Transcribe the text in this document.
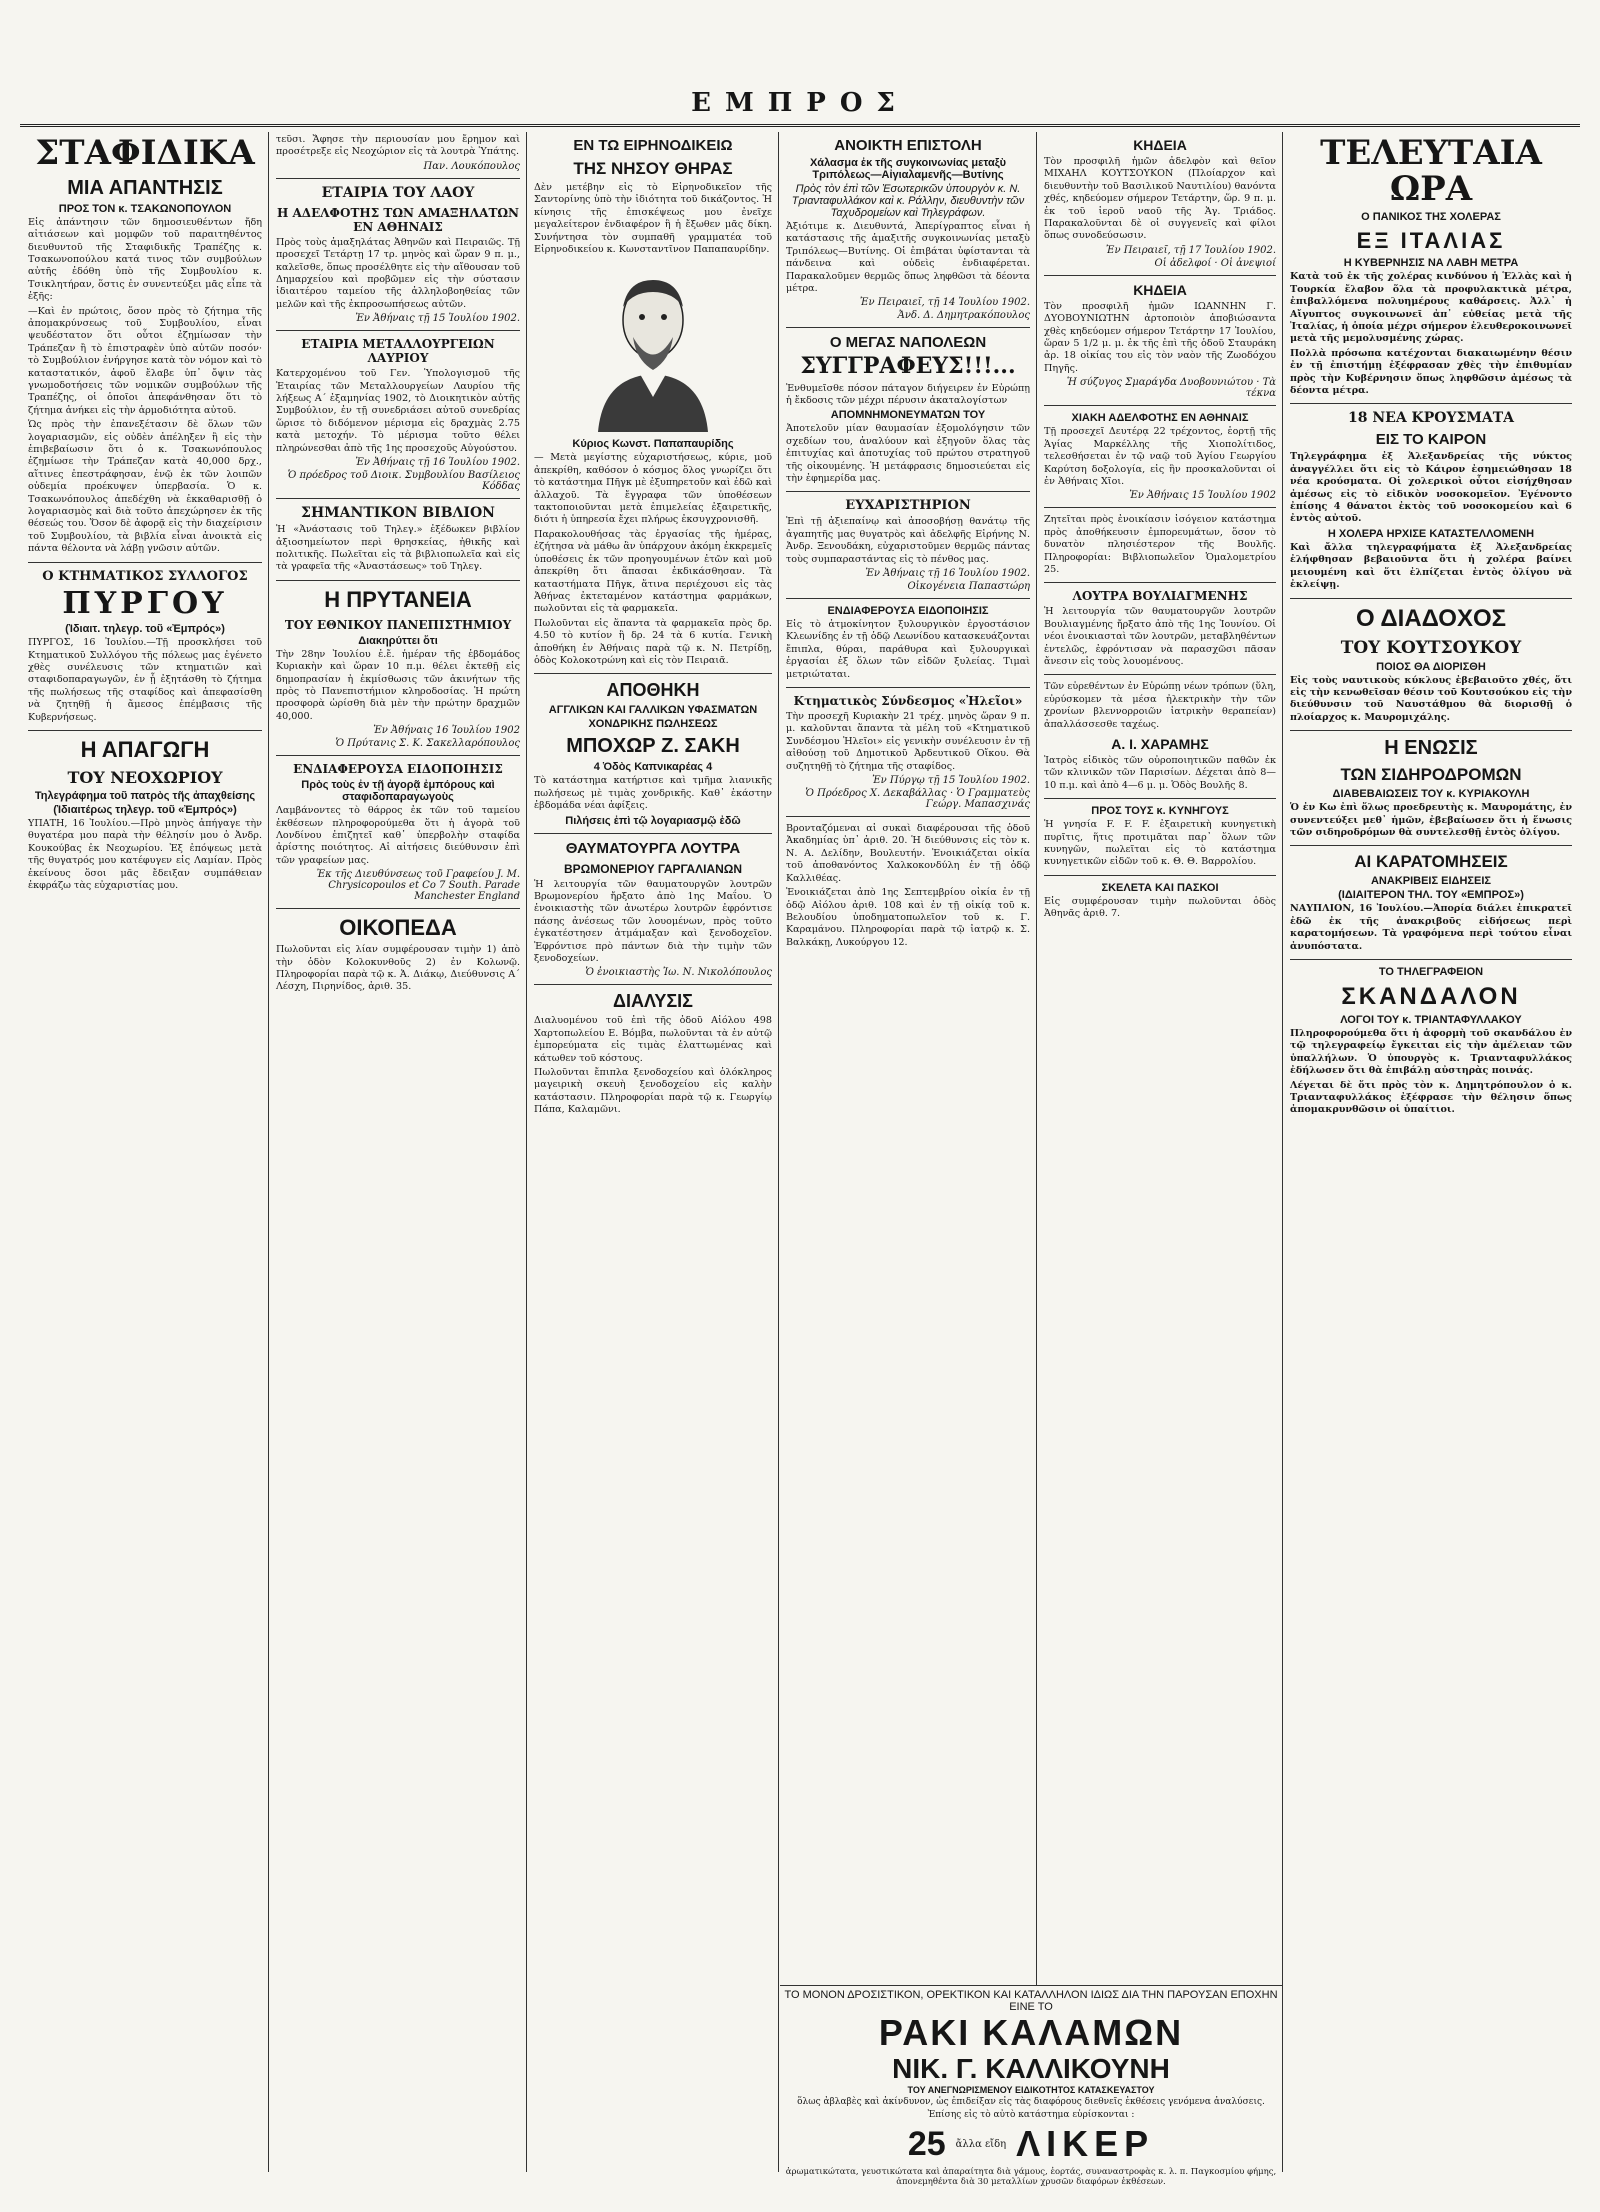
ΕΜΠΡΟΣ
ΣΤΑΦΙΔΙΚΑ
ΜΙΑ ΑΠΑΝΤΗΣΙΣ
ΠΡΟΣ ΤΟΝ κ. ΤΣΑΚΩΝΟΠΟΥΛΟΝ

Εἰς ἀπάντησιν τῶν δημοσιευθέντων ἤδη αἰτιάσεων καὶ μομφῶν τοῦ παραιτηθέντος διευθυντοῦ τῆς Σταφιδικῆς Τραπέζης κ. Τσακωνοπούλου κατά τινος τῶν συμβούλων αὐτῆς ἐδόθη ὑπὸ τῆς Συμβουλίου κ. Τσικλητήραν, ὅστις ἐν συνεντεύξει μᾶς εἶπε τὰ ἑξῆς:

—Καὶ ἐν πρώτοις, ὅσον πρὸς τὸ ζήτημα τῆς ἀπομακρύνσεως τοῦ Συμβουλίου, εἶναι ψευδέστατον ὅτι οὗτοι ἐζημίωσαν τὴν Τράπεζαν ἢ τὸ ἐπιστραφὲν ὑπὸ αὐτῶν ποσόν· τὸ Συμβούλιον ἐνήργησε κατὰ τὸν νόμον καὶ τὸ καταστατικόν, ἀφοῦ ἔλαβε ὑπ᾽ ὄψιν τὰς γνωμοδοτήσεις τῶν νομικῶν συμβούλων τῆς Τραπέζης, οἱ ὁποῖοι ἀπεφάνθησαν ὅτι τὸ ζήτημα ἀνήκει εἰς τὴν ἁρμοδιότητα αὐτοῦ.

Ὡς πρὸς τὴν ἐπανεξέτασιν δὲ ὅλων τῶν λογαριασμῶν, εἰς οὐδὲν ἀπέληξεν ἢ εἰς τὴν ἐπιβεβαίωσιν ὅτι ὁ κ. Τσακωνόπουλος ἐζημίωσε τὴν Τράπεζαν κατὰ 40,000 δρχ., αἵτινες ἐπεστράφησαν, ἐνῷ ἐκ τῶν λοιπῶν οὐδεμία προέκυψεν ὑπερβασία. Ὁ κ. Τσακωνόπουλος ἀπεδέχθη νὰ ἐκκαθαρισθῇ ὁ λογαριασμὸς καὶ διὰ τοῦτο ἀπεχώρησεν ἐκ τῆς θέσεώς του. Ὅσον δὲ ἀφορᾷ εἰς τὴν διαχείρισιν τοῦ Συμβουλίου, τὰ βιβλία εἶναι ἀνοικτὰ εἰς πάντα θέλοντα νὰ λάβῃ γνῶσιν αὐτῶν.

Ο ΚΤΗΜΑΤΙΚΟΣ ΣΥΛΛΟΓΟΣ
ΠΥΡΓΟΥ
(Ἰδιαιτ. τηλεγρ. τοῦ «Ἐμπρός»)

ΠΥΡΓΟΣ, 16 Ἰουλίου.—Τῇ προσκλήσει τοῦ Κτηματικοῦ Συλλόγου τῆς πόλεως μας ἐγένετο χθὲς συνέλευσις τῶν κτηματιῶν καὶ σταφιδοπαραγωγῶν, ἐν ᾗ ἐξητάσθη τὸ ζήτημα τῆς πωλήσεως τῆς σταφίδος καὶ ἀπεφασίσθη νὰ ζητηθῇ ἡ ἄμεσος ἐπέμβασις τῆς Κυβερνήσεως.

Η ΑΠΑΓΩΓΗ
ΤΟΥ ΝΕΟΧΩΡΙΟΥ
Τηλεγράφημα τοῦ πατρὸς τῆς ἀπαχθείσης
(Ἰδιαιτέρως τηλεγρ. τοῦ «Ἐμπρός»)

ΥΠΑΤΗ, 16 Ἰουλίου.—Πρὸ μηνὸς ἀπήγαγε τὴν θυγατέρα μου παρὰ τὴν θέλησίν μου ὁ Ἀνδρ. Κουκούβας ἐκ Νεοχωρίου. Ἐξ ἐπόψεως μετὰ τῆς θυγατρός μου κατέφυγεν εἰς Λαμίαν. Πρὸς ἐκείνους ὅσοι μᾶς ἔδειξαν συμπάθειαν ἐκφράζω τὰς εὐχαριστίας μου.

τεῦσι. Ἄφησε τὴν περιουσίαν μου ἔρημον καὶ προσέτρεξε εἰς Νεοχώριον εἰς τὰ λουτρὰ Ὑπάτης.

Παν. Λουκόπουλος
ΕΤΑΙΡΙΑ ΤΟΥ ΛΑΟΥ
Η ΑΔΕΛΦΟΤΗΣ ΤΩΝ ΑΜΑΞΗΛΑΤΩΝ ΕΝ ΑΘΗΝΑΙΣ

Πρὸς τοὺς ἀμαξηλάτας Ἀθηνῶν καὶ Πειραιῶς. Τῇ προσεχεῖ Τετάρτῃ 17 τρ. μηνὸς καὶ ὥραν 9 π. μ., καλεῖσθε, ὅπως προσέλθητε εἰς τὴν αἴθουσαν τοῦ Δημαρχείου καὶ προβῶμεν εἰς τὴν σύστασιν ἰδιαιτέρου ταμείου τῆς ἀλληλοβοηθείας τῶν μελῶν καὶ τῆς ἐκπροσωπήσεως αὐτῶν.

Ἐν Ἀθήναις τῇ 15 Ἰουλίου 1902.
ΕΤΑΙΡΙΑ ΜΕΤΑΛΛΟΥΡΓΕΙΩΝ ΛΑΥΡΙΟΥ

Κατερχομένου τοῦ Γεν. Ὑπολογισμοῦ τῆς Ἑταιρίας τῶν Μεταλλουργείων Λαυρίου τῆς λήξεως Α΄ ἐξαμηνίας 1902, τὸ Διοικητικὸν αὐτῆς Συμβούλιον, ἐν τῇ συνεδριάσει αὐτοῦ συνεδρίας ὥρισε τὸ διδόμενον μέρισμα εἰς δραχμὰς 2.75 κατὰ μετοχήν. Τὸ μέρισμα τοῦτο θέλει πληρώνεσθαι ἀπὸ τῆς 1ης προσεχοῦς Αὐγούστου.

Ἐν Ἀθήναις τῇ 16 Ἰουλίου 1902.
Ὁ πρόεδρος τοῦ Διοικ. Συμβουλίου Βασίλειος Κόδδας
ΣΗΜΑΝΤΙΚΟΝ ΒΙΒΛΙΟΝ

Ἡ «Ἀνάστασις τοῦ Τηλεγ.» ἐξέδωκεν βιβλίον ἀξιοσημείωτον περὶ θρησκείας, ἠθικῆς καὶ πολιτικῆς. Πωλεῖται εἰς τὰ βιβλιοπωλεῖα καὶ εἰς τὰ γραφεῖα τῆς «Ἀναστάσεως» τοῦ Τηλεγ.

Η ΠΡΥΤΑΝΕΙΑ
ΤΟΥ ΕΘΝΙΚΟΥ ΠΑΝΕΠΙΣΤΗΜΙΟΥ
Διακηρύττει ὅτι

Τὴν 28ην Ἰουλίου ἐ.ἔ. ἡμέραν τῆς ἑβδομάδος Κυριακὴν καὶ ὥραν 10 π.μ. θέλει ἐκτεθῇ εἰς δημοπρασίαν ἡ ἐκμίσθωσις τῶν ἀκινήτων τῆς πρὸς τὸ Πανεπιστήμιον κληροδοσίας. Ἡ πρώτη προσφορὰ ὡρίσθη διὰ μὲν τὴν πρώτην δραχμῶν 40,000.

Ἐν Ἀθήναις 16 Ἰουλίου 1902
Ὁ Πρύτανις Σ. Κ. Σακελλαρόπουλος
ΕΝΔΙΑΦΕΡΟΥΣΑ ΕΙΔΟΠΟΙΗΣΙΣ
Πρὸς τοὺς ἐν τῇ ἀγορᾷ ἐμπόρους καὶ σταφιδοπαραγωγοὺς

Λαμβάνοντες τὸ θάρρος ἐκ τῶν τοῦ ταμείου ἐκθέσεων πληροφορούμεθα ὅτι ἡ ἀγορὰ τοῦ Λονδίνου ἐπιζητεῖ καθ᾽ ὑπερβολὴν σταφίδα ἀρίστης ποιότητος. Αἱ αἰτήσεις διεύθυνσιν ἐπὶ τῶν γραφείων μας.

Ἐκ τῆς Διευθύνσεως τοῦ Γραφείου J. M. Chrysicopoulos et Co 7 South. Parade Manchester England
ΟΙΚΟΠΕΔΑ

Πωλοῦνται εἰς λίαν συμφέρουσαν τιμὴν 1) ἀπὸ τὴν ὁδὸν Κολοκυνθοῦς 2) ἐν Κολωνῷ. Πληροφορίαι παρὰ τῷ κ. Ἀ. Διάκῳ, Διεύθυνσις Α΄ Λέσχη, Πιρηνίδος, ἀριθ. 35.

ΕΝ ΤΩ ΕΙΡΗΝΟΔΙΚΕΙΩ
ΤΗΣ ΝΗΣΟΥ ΘΗΡΑΣ

Δὲν μετέβην εἰς τὸ Εἰρηνοδικεῖον τῆς Σαντορίνης ὑπὸ τὴν ἰδιότητα τοῦ δικάζοντος. Ἡ κίνησις τῆς ἐπισκέψεως μου ἐνεῖχε μεγαλείτερον ἐνδιαφέρον ἢ ἡ ἔξωθεν μᾶς δίκη. Συνήντησα τὸν συμπαθῆ γραμματέα τοῦ Εἰρηνοδικείου κ. Κωνσταντῖνον Παπαπαυρίδην.

Κύριος Κωνστ. Παπαπαυρίδης

— Μετὰ μεγίστης εὐχαριστήσεως, κύριε, μοῦ ἀπεκρίθη, καθόσον ὁ κόσμος ὅλος γνωρίζει ὅτι τὸ κατάστημα Πῆγκ μὲ ἐξυπηρετοῦν καὶ ἐδῶ καὶ ἀλλαχοῦ. Τὰ ἔγγραφα τῶν ὑποθέσεων τακτοποιοῦνται μετὰ ἐπιμελείας ἐξαιρετικῆς, διότι ἡ ὑπηρεσία ἔχει πλήρως ἐκσυγχρονισθῆ.

Παρακολουθήσας τὰς ἐργασίας τῆς ἡμέρας, ἐζήτησα νὰ μάθω ἂν ὑπάρχουν ἀκόμη ἐκκρεμεῖς ὑποθέσεις ἐκ τῶν προηγουμένων ἐτῶν καὶ μοῦ ἀπεκρίθη ὅτι ἅπασαι ἐκδικάσθησαν. Τὰ καταστήματα Πῆγκ, ἅτινα περιέχουσι εἰς τὰς Ἀθήνας ἐκτεταμένον κατάστημα φαρμάκων, πωλοῦνται εἰς τὰ φαρμακεῖα.

Πωλοῦνται εἰς ἅπαντα τὰ φαρμακεῖα πρὸς δρ. 4.50 τὸ κυτίον ἢ δρ. 24 τὰ 6 κυτία. Γενικὴ ἀποθήκη ἐν Ἀθήναις παρὰ τῷ κ. Ν. Πετρίδῃ, ὁδὸς Κολοκοτρώνη καὶ εἰς τὸν Πειραιᾶ.

ΑΠΟΘΗΚΗ
ΑΓΓΛΙΚΩΝ ΚΑΙ ΓΑΛΛΙΚΩΝ ΥΦΑΣΜΑΤΩΝ
ΧΟΝΔΡΙΚΗΣ ΠΩΛΗΣΕΩΣ
ΜΠΟΧΩΡ Ζ. ΣΑΚΗ
4 Ὁδὸς Καπνικαρέας 4

Τὸ κατάστημα κατήρτισε καὶ τμῆμα λιανικῆς πωλήσεως μὲ τιμὰς χονδρικῆς. Καθ᾽ ἑκάστην ἐβδομάδα νέαι ἀφίξεις.

Πιλήσεις ἐπὶ τῷ λογαριασμῷ ἐδῶ
ΘΑΥΜΑΤΟΥΡΓΑ ΛΟΥΤΡΑ
ΒΡΩΜΟΝΕΡΙΟΥ ΓΑΡΓΑΛΙΑΝΩΝ

Ἡ λειτουργία τῶν θαυματουργῶν λουτρῶν Βρωμονερίου ἤρξατο ἀπὸ 1ης Μαΐου. Ὁ ἐνοικιαστὴς τῶν ἀνωτέρω λουτρῶν ἐφρόντισε πάσης ἀνέσεως τῶν λουομένων, πρὸς τοῦτο ἐγκατέστησεν ἀτμάμαξαν καὶ ξενοδοχεῖον. Ἐφρόντισε πρὸ πάντων διὰ τὴν τιμὴν τῶν ξενοδοχείων.

Ὁ ἐνοικιαστὴς Ἰω. Ν. Νικολόπουλος
ΔΙΑΛΥΣΙΣ

Διαλυομένου τοῦ ἐπὶ τῆς ὁδοῦ Αἰόλου 498 Χαρτοπωλείου Ε. Βόμβα, πωλοῦνται τὰ ἐν αὐτῷ ἐμπορεύματα εἰς τιμὰς ἐλαττωμένας καὶ κάτωθεν τοῦ κόστους.

Πωλοῦνται ἔπιπλα ξενοδοχείου καὶ ὁλόκληρος μαγειρικὴ σκευὴ ξενοδοχείου εἰς καλὴν κατάστασιν. Πληροφορίαι παρὰ τῷ κ. Γεωργίῳ Πάπα, Καλαμῶνι.

ΑΝΟΙΚΤΗ ΕΠΙΣΤΟΛΗ
Χάλασμα ἐκ τῆς συγκοινωνίας μεταξὺ Τριπόλεως—Αἰγιαλαμενῆς—Βυτίνης
Πρὸς τὸν ἐπὶ τῶν Ἐσωτερικῶν ὑπουργὸν κ. Ν. Τριανταφυλλάκον καὶ κ. Ράλλην, διευθυντὴν τῶν Ταχυδρομείων καὶ Τηλεγράφων.

Ἀξιότιμε κ. Διευθυντά, Ἀπερίγραπτος εἶναι ἡ κατάστασις τῆς ἁμαξιτῆς συγκοινωνίας μεταξὺ Τριπόλεως—Βυτίνης. Οἱ ἐπιβάται ὑφίστανται τὰ πάνδεινα καὶ οὐδεὶς ἐνδιαφέρεται. Παρακαλοῦμεν θερμῶς ὅπως ληφθῶσι τὰ δέοντα μέτρα.

Ἐν Πειραιεῖ, τῇ 14 Ἰουλίου 1902.
Ἀνδ. Δ. Δημητρακόπουλος
Ο ΜΕΓΑΣ ΝΑΠΟΛΕΩΝ
ΣΥΓΓΡΑΦΕΥΣ!!!...

Ἐνθυμεῖσθε πόσον πάταγον διήγειρεν ἐν Εὐρώπῃ ἡ ἔκδοσις τῶν μέχρι πέρυσιν ἀκαταλογίστων

ΑΠΟΜΝΗΜΟΝΕΥΜΑΤΩΝ ΤΟΥ

Ἀποτελοῦν μίαν θαυμασίαν ἐξομολόγησιν τῶν σχεδίων του, ἀναλύουν καὶ ἐξηγοῦν ὅλας τὰς ἐπιτυχίας καὶ ἀποτυχίας τοῦ πρώτου στρατηγοῦ τῆς οἰκουμένης. Ἡ μετάφρασις δημοσιεύεται εἰς τὴν ἐφημερίδα μας.

ΕΥΧΑΡΙΣΤΗΡΙΟΝ

Ἐπὶ τῇ ἀξιεπαίνῳ καὶ ἀποσοβήσῃ θανάτῳ τῆς ἀγαπητῆς μας θυγατρὸς καὶ ἀδελφῆς Εἰρήνης Ν. Ἀνδρ. Ξενουδάκη, εὐχαριστοῦμεν θερμῶς πάντας τοὺς συμπαραστάντας εἰς τὸ πένθος μας.

Ἐν Ἀθήναις τῇ 16 Ἰουλίου 1902.
Οἰκογένεια Παπαστώρη
ΕΝΔΙΑΦΕΡΟΥΣΑ ΕΙΔΟΠΟΙΗΣΙΣ

Εἰς τὸ ἀτμοκίνητον ξυλουργικὸν ἐργοστάσιον Κλεωνίδης ἐν τῇ ὁδῷ Λεωνίδου κατασκευάζονται ἔπιπλα, θύραι, παράθυρα καὶ ξυλουργικαὶ ἐργασίαι ἐξ ὅλων τῶν εἰδῶν ξυλείας. Τιμαὶ μετριώταται.

Κτηματικὸς Σύνδεσμος «Ἠλεῖοι»

Τὴν προσεχῆ Κυριακὴν 21 τρέχ. μηνὸς ὥραν 9 π. μ. καλοῦνται ἅπαντα τὰ μέλη τοῦ «Κτηματικοῦ Συνδέσμου Ἠλεῖοι» εἰς γενικὴν συνέλευσιν ἐν τῇ αἰθούσῃ τοῦ Δημοτικοῦ Ἀρδευτικοῦ Οἴκου. Θὰ συζητηθῇ τὸ ζήτημα τῆς σταφίδος.

Ἐν Πύργῳ τῇ 15 Ἰουλίου 1902.
Ὁ Πρόεδρος Χ. Δεκαβάλλας · Ὁ Γραμματεὺς Γεώργ. Μαπασχινάς

Βρονταζόμεναι αἱ συκαὶ διαφέρουσαι τῆς ὁδοῦ Ἀκαδημίας ὑπ᾽ ἀριθ. 20. Ἡ διεύθυνσις εἰς τὸν κ. Ν. Α. Δελίδην, Βουλευτήν. Ἐνοικιάζεται οἰκία τοῦ ἀποθανόντος Χαλκοκονδύλη ἐν τῇ ὁδῷ Καλλιθέας.

Ἐνοικιάζεται ἀπὸ 1ης Σεπτεμβρίου οἰκία ἐν τῇ ὁδῷ Αἰόλου ἀριθ. 108 καὶ ἐν τῇ οἰκίᾳ τοῦ κ. Βελουδίου ὑποδηματοπωλεῖον τοῦ κ. Γ. Καραμάνου. Πληροφορίαι παρὰ τῷ ἰατρῷ κ. Σ. Βαλκάκῃ, Λυκούργου 12.

ΚΗΔΕΙΑ

Τὸν προσφιλῆ ἡμῶν ἀδελφὸν καὶ θεῖον ΜΙΧΑΗΛ ΚΟΥΤΣΟΥΚΟΝ (Πλοίαρχον καὶ διευθυντὴν τοῦ Βασιλικοῦ Ναυτιλίου) θανόντα χθές, κηδεύομεν σήμερον Τετάρτην, ὥρ. 9 π. μ. ἐκ τοῦ ἱεροῦ ναοῦ τῆς Ἁγ. Τριάδος. Παρακαλοῦνται δὲ οἱ συγγενεῖς καὶ φίλοι ὅπως συνοδεύσωσιν.

Ἐν Πειραιεῖ, τῇ 17 Ἰουλίου 1902.
Οἱ ἀδελφοί · Οἱ ἀνεψιοί
ΚΗΔΕΙΑ

Τὸν προσφιλῆ ἡμῶν ΙΩΑΝΝΗΝ Γ. ΔΥΟΒΟΥΝΙΩΤΗΝ ἀρτοποιὸν ἀποβιώσαντα χθὲς κηδεύομεν σήμερον Τετάρτην 17 Ἰουλίου, ὥραν 5 1/2 μ. μ. ἐκ τῆς ἐπὶ τῆς ὁδοῦ Σταυράκη ἀρ. 18 οἰκίας του εἰς τὸν ναὸν τῆς Ζωοδόχου Πηγῆς.

Ἡ σύζυγος Σμαράγδα Δυοβουνιώτου · Τὰ τέκνα
ΧΙΑΚΗ ΑΔΕΛΦΟΤΗΣ ΕΝ ΑΘΗΝΑΙΣ

Τῇ προσεχεῖ Δευτέρᾳ 22 τρέχοντος, ἑορτῇ τῆς Ἁγίας Μαρκέλλης τῆς Χιοπολίτιδος, τελεσθήσεται ἐν τῷ ναῷ τοῦ Ἁγίου Γεωργίου Καρύτση δοξολογία, εἰς ἣν προσκαλοῦνται οἱ ἐν Ἀθήναις Χῖοι.

Ἐν Ἀθήναις 15 Ἰουλίου 1902

Ζητεῖται πρὸς ἐνοικίασιν ἰσόγειον κατάστημα πρὸς ἀποθήκευσιν ἐμπορευμάτων, ὅσον τὸ δυνατὸν πλησιέστερον τῆς Βουλῆς. Πληροφορίαι: Βιβλιοπωλεῖον Ὁμαλομετρίου 25.

ΛΟΥΤΡΑ ΒΟΥΛΙΑΓΜΕΝΗΣ

Ἡ λειτουργία τῶν θαυματουργῶν λουτρῶν Βουλιαγμένης ἤρξατο ἀπὸ τῆς 1ης Ἰουνίου. Οἱ νέοι ἐνοικιασταὶ τῶν λουτρῶν, μεταβληθέντων ἐντελῶς, ἐφρόντισαν νὰ παρασχῶσι πᾶσαν ἄνεσιν εἰς τοὺς λουομένους.

Τῶν εὑρεθέντων ἐν Εὐρώπῃ νέων τρόπων (ὕλη, εὐρύσκομεν τὰ μέσα ἠλεκτρικὴν τὴν τῶν χρονίων βλεννορροιῶν ἰατρικὴν θεραπείαν) ἀπαλλάσσεσθε ταχέως.

Α. Ι. ΧΑΡΑΜΗΣ

Ἰατρὸς εἰδικὸς τῶν οὐροποιητικῶν παθῶν ἐκ τῶν κλινικῶν τῶν Παρισίων. Δέχεται ἀπὸ 8—10 π.μ. καὶ ἀπὸ 4—6 μ. μ. Ὁδὸς Βουλῆς 8.

ΠΡΟΣ ΤΟΥΣ κ. ΚΥΝΗΓΟΥΣ

Ἡ γνησία F. F. F. ἐξαιρετικὴ κυνηγετικὴ πυρῖτις, ἥτις προτιμᾶται παρ᾽ ὅλων τῶν κυνηγῶν, πωλεῖται εἰς τὸ κατάστημα κυνηγετικῶν εἰδῶν τοῦ κ. Θ. Θ. Βαρρολίου.

ΣΚΕΛΕΤΑ ΚΑΙ ΠΑΣΚΟΙ

Εἰς συμφέρουσαν τιμὴν πωλοῦνται ὁδὸς Ἀθηνᾶς ἀριθ. 7.

ΤΟ ΜΟΝΟΝ ΔΡΟΣΙΣΤΙΚΟΝ, ΟΡΕΚΤΙΚΟΝ ΚΑΙ ΚΑΤΑΛΛΗΛΟΝ ΙΔΙΩΣ ΔΙΑ ΤΗΝ ΠΑΡΟΥΣΑΝ ΕΠΟΧΗΝ ΕΙΝΕ ΤΟ
ΡΑΚΙ ΚΑΛΑΜΩΝ
ΝΙΚ. Γ. ΚΑΛΛΙΚΟΥΝΗ
ΤΟΥ ΑΝΕΓΝΩΡΙΣΜΕΝΟΥ ΕΙΔΙΚΟΤΗΤΟΣ ΚΑΤΑΣΚΕΥΑΣΤΟΥ
ὅλως ἀβλαβὲς καὶ ἀκίνδυνον, ὡς ἐπιδείξαν εἰς τὰς διαφόρους διεθνεῖς ἐκθέσεις γενόμενα ἀναλύσεις.
Ἐπίσης εἰς τὸ αὐτὸ κατάστημα εὑρίσκονται :
25 ἄλλα εἴδη ΛΙΚΕΡ
ἀρωματικώτατα, γευστικώτατα καὶ ἀπαραίτητα διὰ γάμους, ἑορτάς, συναναστροφὰς κ. λ. π. Παγκοσμίου φήμης, ἀπονεμηθέντα διὰ 30 μεταλλίων χρυσῶν διαφόρων ἐκθέσεων.
ΤΕΛΕΥΤΑΙΑ ΩΡΑ
Ο ΠΑΝΙΚΟΣ ΤΗΣ ΧΟΛΕΡΑΣ
ΕΞ ΙΤΑΛΙΑΣ
Η ΚΥΒΕΡΝΗΣΙΣ ΝΑ ΛΑΒΗ ΜΕΤΡΑ

Κατὰ τοῦ ἐκ τῆς χολέρας κινδύνου ἡ Ἑλλὰς καὶ ἡ Τουρκία ἔλαβον ὅλα τὰ προφυλακτικὰ μέτρα, ἐπιβαλλόμενα πολυημέρους καθάρσεις. Ἀλλ᾽ ἡ Αἴγυπτος συγκοινωνεῖ ἀπ᾽ εὐθείας μετὰ τῆς Ἰταλίας, ἡ ὁποία μέχρι σήμερον ἐλευθεροκοινωνεῖ μετὰ τῆς μεμολυσμένης χώρας.

Πολλὰ πρόσωπα κατέχονται διακαιωμένην θέσιν ἐν τῇ ἐπιστήμῃ ἐξέφρασαν χθὲς τὴν ἐπιθυμίαν πρὸς τὴν Κυβέρνησιν ὅπως ληφθῶσιν ἀμέσως τὰ δέοντα μέτρα.

18 ΝΕΑ ΚΡΟΥΣΜΑΤΑ
ΕΙΣ ΤΟ ΚΑΙΡΟΝ

Τηλεγράφημα ἐξ Ἀλεξανδρείας τῆς νύκτος ἀναγγέλλει ὅτι εἰς τὸ Κάιρον ἐσημειώθησαν 18 νέα κρούσματα. Οἱ χολερικοὶ οὗτοι εἰσήχθησαν ἀμέσως εἰς τὸ εἰδικὸν νοσοκομεῖον. Ἐγένοντο ἐπίσης 4 θάνατοι ἐκτὸς τοῦ νοσοκομείου καὶ 6 ἐντὸς αὐτοῦ.

Η ΧΟΛΕΡΑ ΗΡΧΙΣΕ ΚΑΤΑΣΤΕΛΛΟΜΕΝΗ

Καὶ ἄλλα τηλεγραφήματα ἐξ Ἀλεξανδρείας ἐλήφθησαν βεβαιοῦντα ὅτι ἡ χολέρα βαίνει μειουμένη καὶ ὅτι ἐλπίζεται ἐντὸς ὀλίγου νὰ ἐκλείψῃ.

Ο ΔΙΑΔΟΧΟΣ
ΤΟΥ ΚΟΥΤΣΟΥΚΟΥ
ΠΟΙΟΣ ΘΑ ΔΙΟΡΙΣΘΗ

Εἰς τοὺς ναυτικοὺς κύκλους ἐβεβαιοῦτο χθές, ὅτι εἰς τὴν κενωθεῖσαν θέσιν τοῦ Κουτσούκου εἰς τὴν διεύθυνσιν τοῦ Ναυστάθμου θὰ διορισθῇ ὁ πλοίαρχος κ. Μαυρομιχάλης.

Η ΕΝΩΣΙΣ
ΤΩΝ ΣΙΔΗΡΟΔΡΟΜΩΝ
ΔΙΑΒΕΒΑΙΩΣΕΙΣ ΤΟΥ κ. ΚΥΡΙΑΚΟΥΛΗ

Ὁ ἐν Κω ἐπὶ ὅλως προεδρευτὴς κ. Μαυρομάτης, ἐν συνεντεύξει μεθ᾽ ἡμῶν, ἐβεβαίωσεν ὅτι ἡ ἕνωσις τῶν σιδηροδρόμων θὰ συντελεσθῇ ἐντὸς ὀλίγου.

ΑΙ ΚΑΡΑΤΟΜΗΣΕΙΣ
ΑΝΑΚΡΙΒΕΙΣ ΕΙΔΗΣΕΙΣ
(ΙΔΙΑΙΤΕΡΟΝ ΤΗΛ. ΤΟΥ «ΕΜΠΡΟΣ»)

ΝΑΥΠΛΙΟΝ, 16 Ἰουλίου.—Ἀπορία διάλει ἐπικρατεῖ ἐδῶ ἐκ τῆς ἀνακριβοῦς εἰδήσεως περὶ καρατομήσεων. Τὰ γραφόμενα περὶ τούτου εἶναι ἀνυπόστατα.

ΤΟ ΤΗΛΕΓΡΑΦΕΙΟΝ
ΣΚΑΝΔΑΛΟΝ
ΛΟΓΟΙ ΤΟΥ κ. ΤΡΙΑΝΤΑΦΥΛΛΑΚΟΥ

Πληροφορούμεθα ὅτι ἡ ἀφορμὴ τοῦ σκανδάλου ἐν τῷ τηλεγραφείῳ ἔγκειται εἰς τὴν ἀμέλειαν τῶν ὑπαλλήλων. Ὁ ὑπουργὸς κ. Τριανταφυλλάκος ἐδήλωσεν ὅτι θὰ ἐπιβάλῃ αὐστηρὰς ποινάς.

Λέγεται δὲ ὅτι πρὸς τὸν κ. Δημητρόπουλον ὁ κ. Τριανταφυλλάκος ἐξέφρασε τὴν θέλησιν ὅπως ἀπομακρυνθῶσιν οἱ ὑπαίτιοι.
